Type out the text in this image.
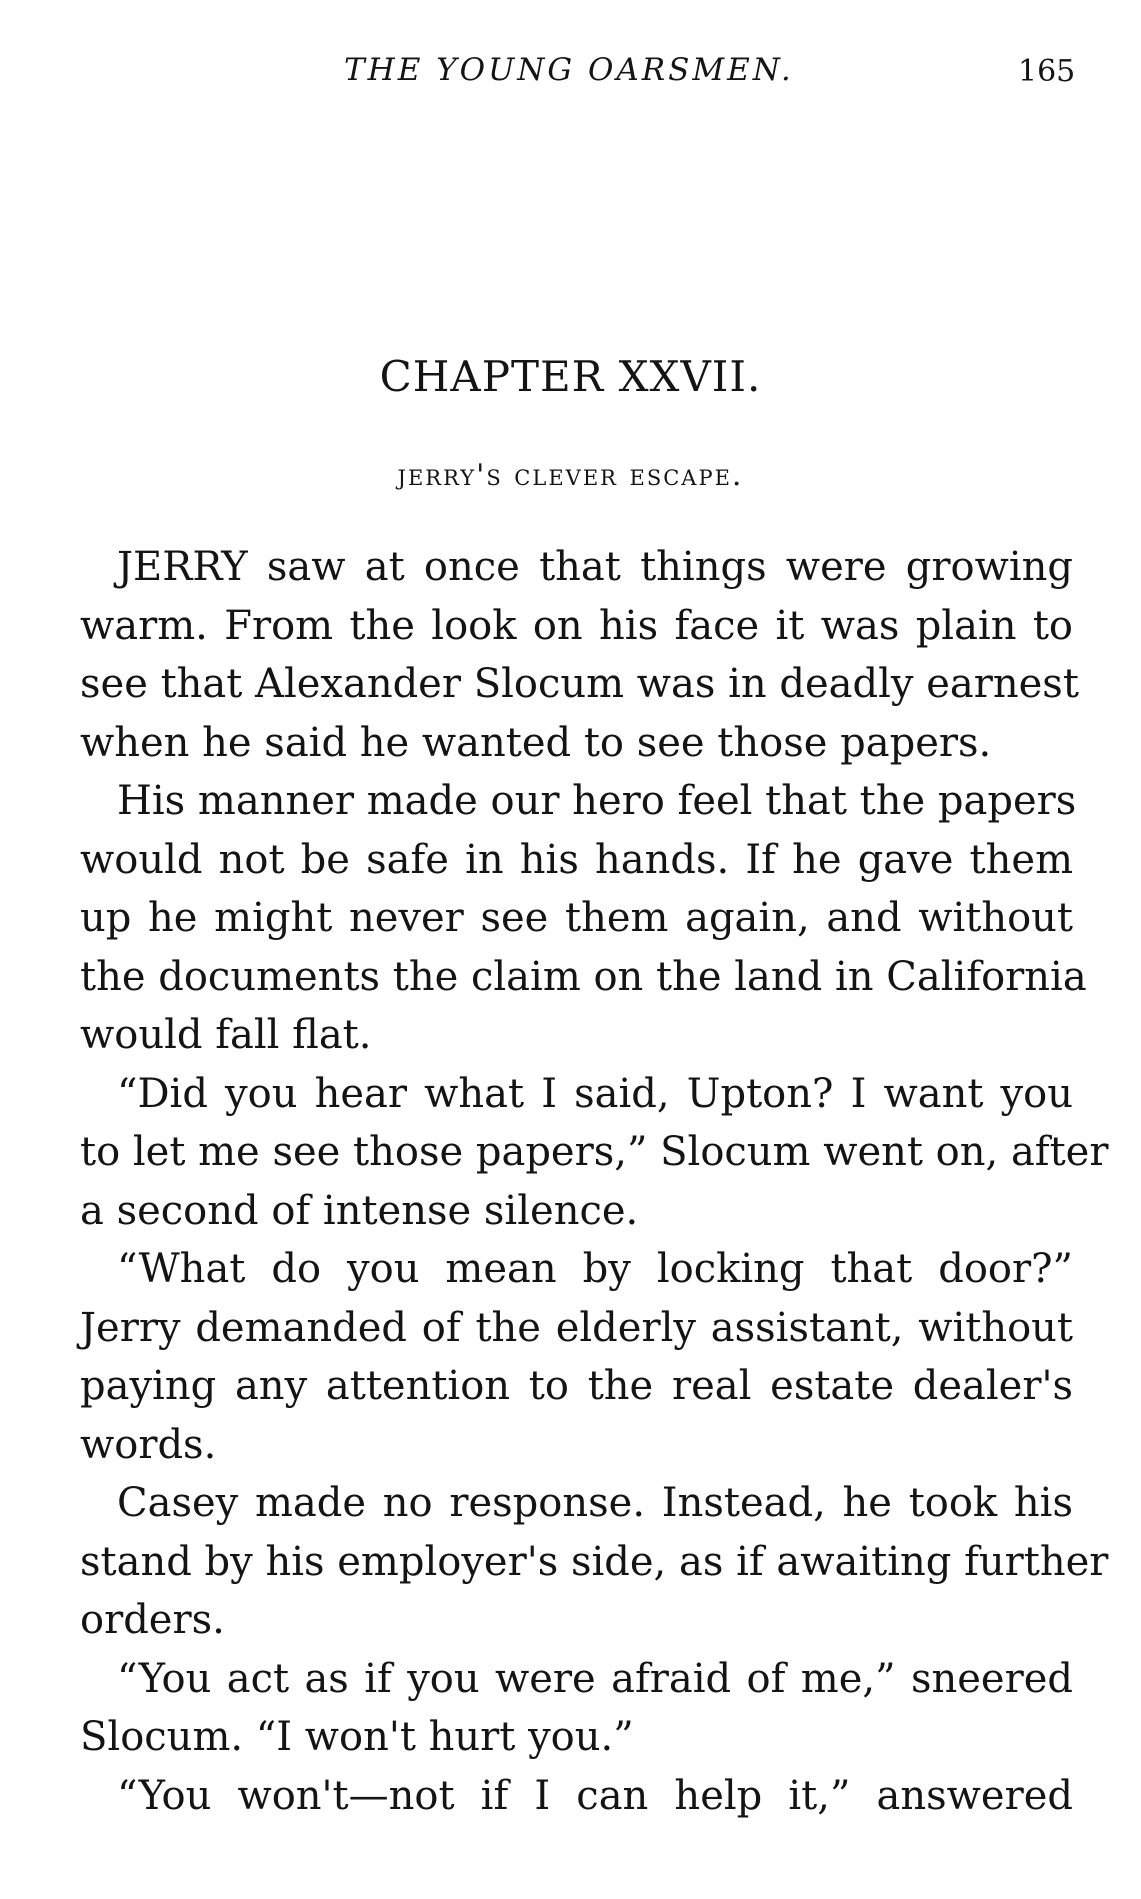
THE YOUNG OARSMEN.	165
CHAPTER XXVII.
jerry's clever escape.
JERRY saw at once that things were growing
warm. From the look on his face it was plain to
see that Alexander Slocum was in deadly earnest
when he said he wanted to see those papers.
His manner made our hero feel that the papers
would not be safe in his hands. If he gave them
up he might never see them again, and without
the documents the claim on the land in California
would fall flat.
“Did you hear what I said, Upton? I want you
to let me see those papers,” Slocum went on, after
a second of intense silence.
“What do you mean by locking that door?”
Jerry demanded of the elderly assistant, without
paying any attention to the real estate dealer's
words.
Casey made no response. Instead, he took his
stand by his employer's side, as if awaiting further
orders.
“You act as if you were afraid of me,” sneered
Slocum. “I won't hurt you.”
“You won't—not if I can help it,” answered
